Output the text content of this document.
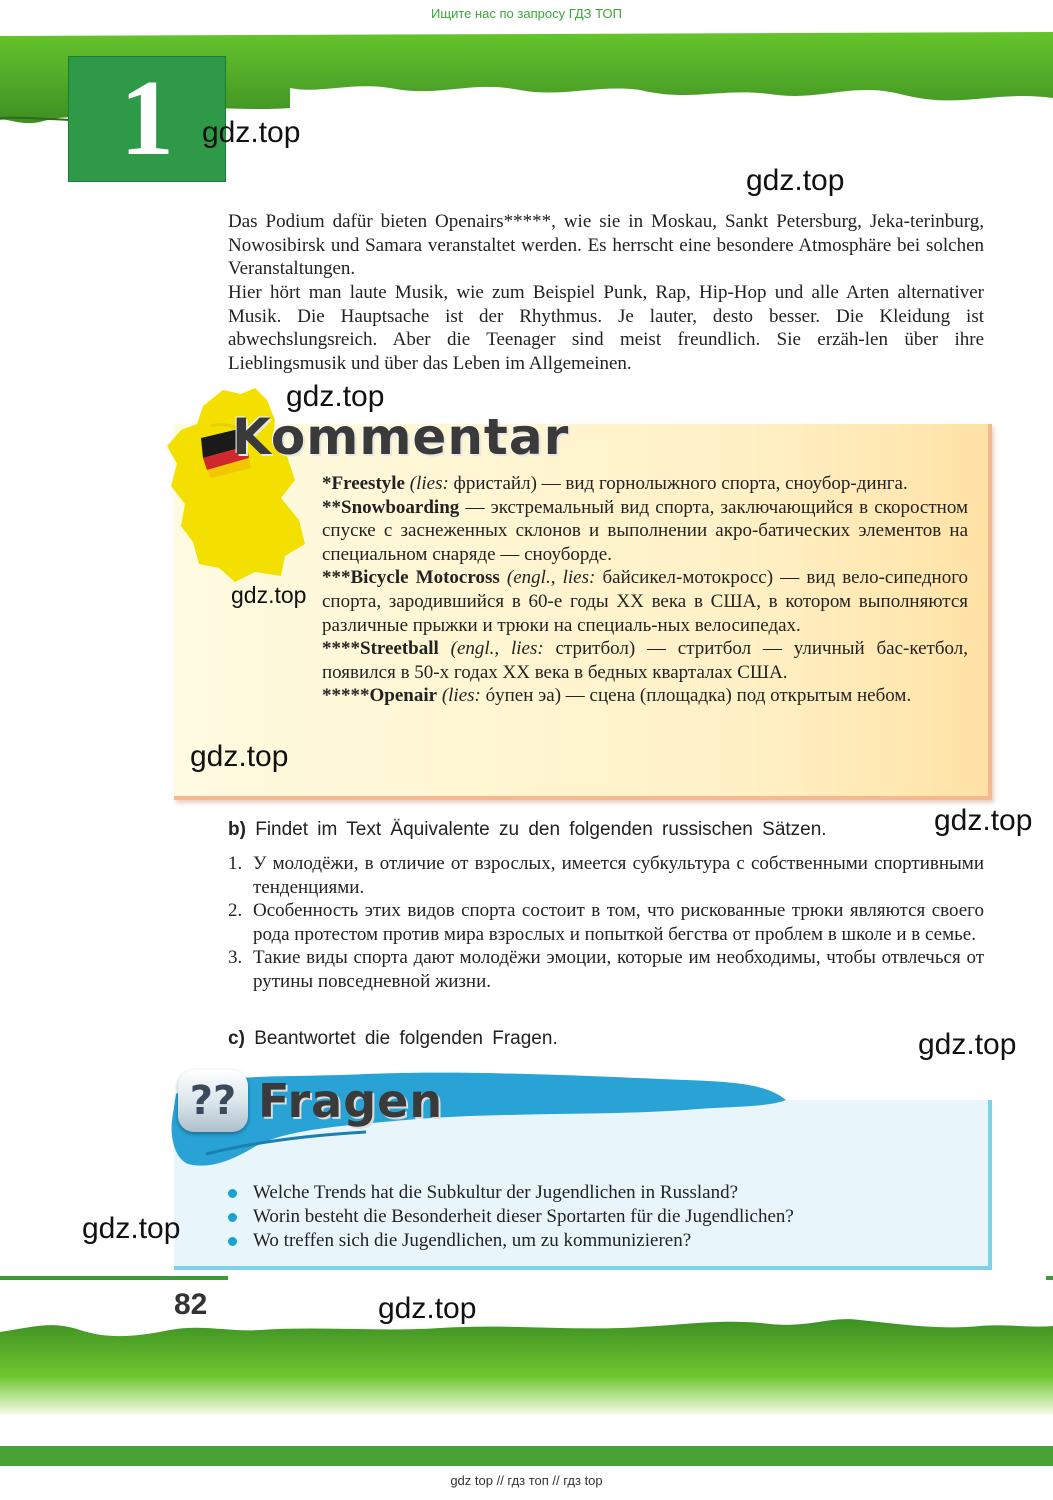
Ищите нас по запросу ГДЗ ТОП
1 gdz.top
gdz.top
Das Podium dafür bieten Openairs*****, wie sie in Moskau, Sankt Petersburg, Jeka-terinburg, Nowosibirsk und Samara veranstaltet werden. Es herrscht eine besondere Atmosphäre bei solchen Veranstaltungen.
Hier hört man laute Musik, wie zum Beispiel Punk, Rap, Hip-Hop und alle Arten alternativer Musik. Die Hauptsache ist der Rhythmus. Je lauter, desto besser. Die Kleidung ist abwechslungsreich. Aber die Teenager sind meist freundlich. Sie erzäh-len über ihre Lieblingsmusik und über das Leben im Allgemeinen.
gdz.top
Kommentar

*Freestyle (lies: фристайл) — вид горнолыжного спорта, сноубор-динга.

**Snowboarding — экстремальный вид спорта, заключающийся в скоростном спуске с заснеженных склонов и выполнении акро-батических элементов на специальном снаряде — сноуборде.

***Bicycle Motocross (engl., lies: байсикел-мотокросс) — вид вело-сипедного спорта, зародившийся в 60-е годы XX века в США, в котором выполняются различные прыжки и трюки на специаль-ных велосипедах.

****Streetball (engl., lies: стритбол) — стритбол — уличный бас-кетбол, появился в 50-х годах XX века в бедных кварталах США.

*****Openair (lies: óупен эа) — сцена (площадка) под открытым небом.

gdz.top
gdz.top
b) Findet im Text Äquivalente zu den folgenden russischen Sätzen.	gdz.top
1. У молодёжи, в отличие от взрослых, имеется субкультура с собственными спортивными тенденциями.
2. Особенность этих видов спорта состоит в том, что рискованные трюки являются своего рода протестом против мира взрослых и попыткой бегства от проблем в школе и в семье.
3. Такие виды спорта дают молодёжи эмоции, которые им необходимы, чтобы отвлечься от рутины повседневной жизни.
c) Beantwortet die folgenden Fragen.	gdz.top
?? Fragen
Welche Trends hat die Subkultur der Jugendlichen in Russland?
Worin besteht die Besonderheit dieser Sportarten für die Jugendlichen?
Wo treffen sich die Jugendlichen, um zu kommunizieren?
gdz.top
82	gdz.top
gdz top // гдз топ // гдз top
